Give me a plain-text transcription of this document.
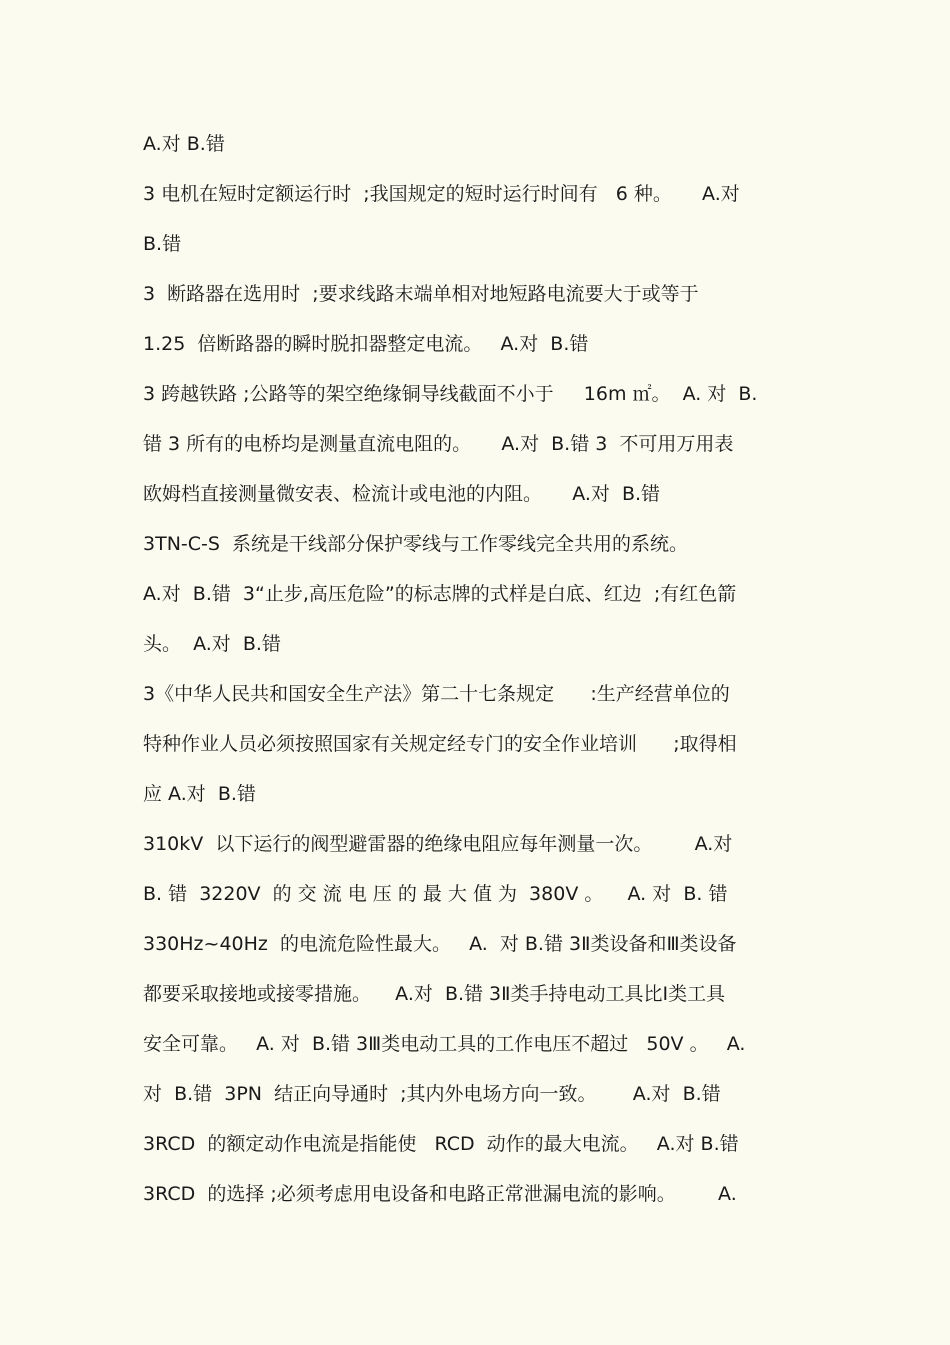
A.对 B.错
3 电机在短时定额运行时  ;我国规定的短时运行时间有   6 种。     A.对
B.错
3  断路器在选用时  ;要求线路末端单相对地短路电流要大于或等于
1.25  倍断路器的瞬时脱扣器整定电流。   A.对  B.错
3 跨越铁路 ;公路等的架空绝缘铜导线截面不小于     16m ㎡。  A. 对  B.
错 3 所有的电桥均是测量直流电阻的。     A.对  B.错 3  不可用万用表
欧姆档直接测量微安表、检流计或电池的内阻。     A.对  B.错
3TN-C-S  系统是干线部分保护零线与工作零线完全共用的系统。
A.对  B.错  3“止步,高压危险”的标志牌的式样是白底、红边  ;有红色箭
头。  A.对  B.错
3《中华人民共和国安全生产法》第二十七条规定      :生产经营单位的
特种作业人员必须按照国家有关规定经专门的安全作业培训      ;取得相
应 A.对  B.错
310kV  以下运行的阀型避雷器的绝缘电阻应每年测量一次。       A.对
B. 错  3220V  的 交 流 电 压 的 最 大 值 为  380V 。    A. 对  B. 错
330Hz~40Hz  的电流危险性最大。   A.  对 B.错 3Ⅱ类设备和Ⅲ类设备
都要采取接地或接零措施。    A.对  B.错 3Ⅱ类手持电动工具比Ⅰ类工具
安全可靠。   A. 对  B.错 3Ⅲ类电动工具的工作电压不超过   50V 。   A.
对  B.错  3PN  结正向导通时  ;其内外电场方向一致。      A.对  B.错
3RCD  的额定动作电流是指能使   RCD  动作的最大电流。   A.对 B.错
3RCD  的选择 ;必须考虑用电设备和电路正常泄漏电流的影响。       A.
